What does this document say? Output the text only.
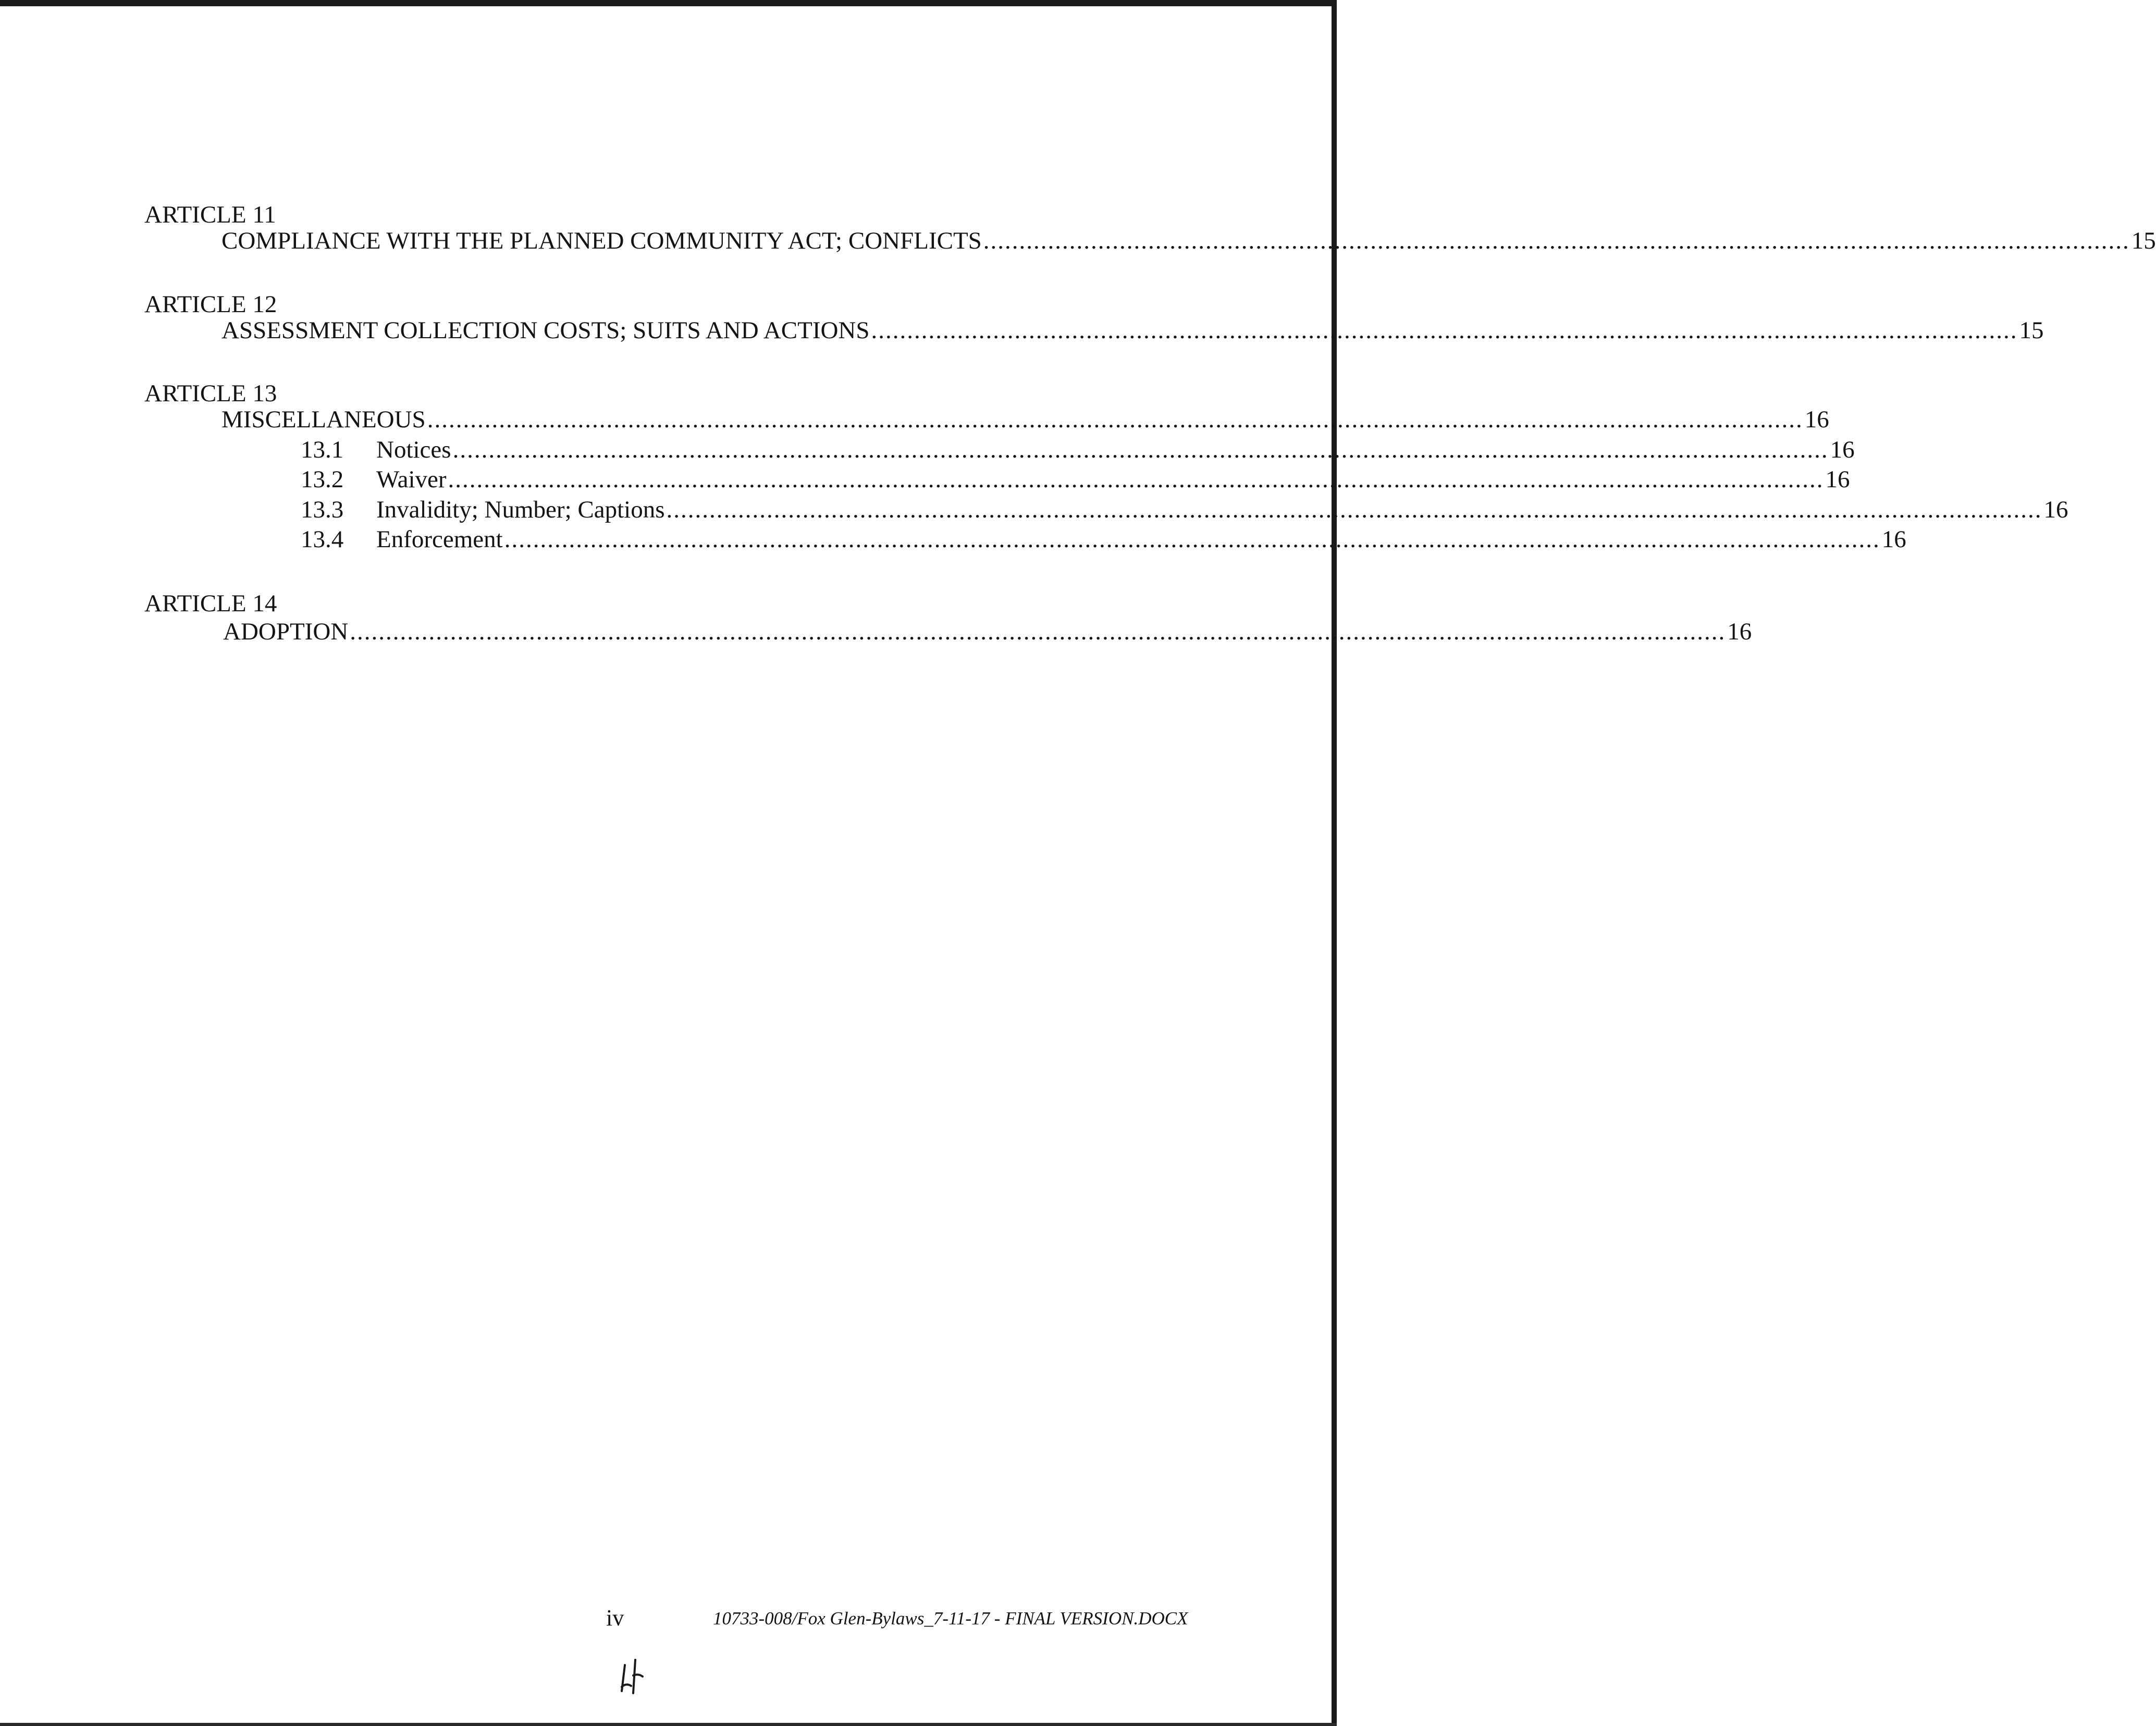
ARTICLE 11
COMPLIANCE WITH THE PLANNED COMMUNITY ACT; CONFLICTS ................................................................................................................................................................ 15
ARTICLE 12
ASSESSMENT COLLECTION COSTS; SUITS AND ACTIONS ................................................................................................................................................................ 15
ARTICLE 13
MISCELLANEOUS ................................................................................................................................................................................................ 16
13.1	Notices ................................................................................................................................................................................................ 16
13.2	Waiver ................................................................................................................................................................................................ 16
13.3	Invalidity; Number; Captions ................................................................................................................................................................................................ 16
13.4	Enforcement ................................................................................................................................................................................................ 16
ARTICLE 14
ADOPTION ................................................................................................................................................................................................ 16
iv	10733-008/Fox Glen-Bylaws_7-11-17 - FINAL VERSION.DOCX
